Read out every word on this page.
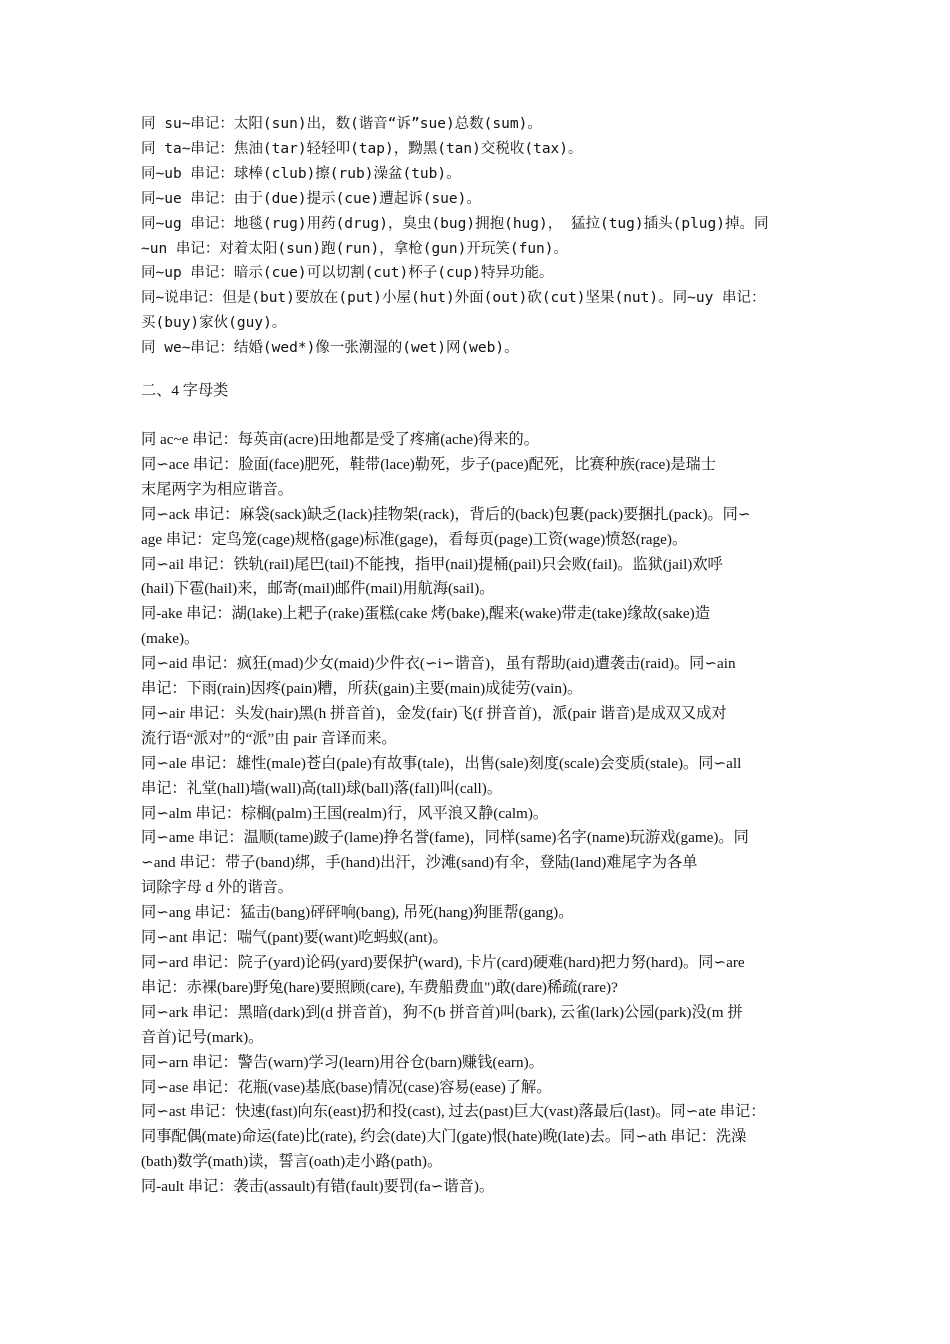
同 su~串记：太阳(sun)出，数(谐音“诉”sue)总数(sum)。
同 ta~串记：焦油(tar)轻轻叩(tap)，黝黑(tan)交税收(tax)。
同~ub 串记：球棒(club)擦(rub)澡盆(tub)。
同~ue 串记：由于(due)提示(cue)遭起诉(sue)。
同~ug 串记：地毯(rug)用药(drug)，臭虫(bug)拥抱(hug)， 猛拉(tug)插头(plug)掉。同
~un 串记：对着太阳(sun)跑(run)，拿枪(gun)开玩笑(fun)。
同~up 串记：暗示(cue)可以切割(cut)杯子(cup)特异功能。
同~说串记：但是(but)要放在(put)小屋(hut)外面(out)砍(cut)坚果(nut)。同~uy 串记：
买(buy)家伙(guy)。
同 we~串记：结婚(wed*)像一张潮湿的(wet)网(web)。
二、4 字母类
同 ac~e 串记：每英亩(acre)田地都是受了疼痛(ache)得来的。
同∽ace 串记：脸面(face)肥死，鞋带(lace)勒死，步子(pace)配死，比赛种族(race)是瑞士
末尾两字为相应谐音。
同∽ack 串记：麻袋(sack)缺乏(lack)挂物架(rack)，背后的(back)包裹(pack)要捆扎(pack)。同∽
age 串记：定鸟笼(cage)规格(gage)标准(gage)，看每页(page)工资(wage)愤怒(rage)。
同∽ail 串记：铁轨(rail)尾巴(tail)不能拽，指甲(nail)提桶(pail)只会败(fail)。监狱(jail)欢呼
(hail)下雹(hail)来，邮寄(mail)邮件(mail)用航海(sail)。
同-ake 串记：湖(lake)上耙子(rake)蛋糕(cake 烤(bake),醒来(wake)带走(take)缘故(sake)造
(make)。
同∽aid 串记：疯狂(mad)少女(maid)少件衣(∽i∽谐音)，虽有帮助(aid)遭袭击(raid)。同∽ain
串记：下雨(rain)因疼(pain)糟，所获(gain)主要(main)成徒劳(vain)。
同∽air 串记：头发(hair)黑(h 拼音首)，金发(fair)飞(f 拼音首)，派(pair 谐音)是成双又成对
流行语“派对”的“派”由 pair 音译而来。
同∽ale 串记：雄性(male)苍白(pale)有故事(tale)，出售(sale)刻度(scale)会变质(stale)。同∽all
串记：礼堂(hall)墙(wall)高(tall)球(ball)落(fall)叫(call)。
同∽alm 串记：棕榈(palm)王国(realm)行，风平浪又静(calm)。
同∽ame 串记：温顺(tame)跛子(lame)挣名誉(fame)，同样(same)名字(name)玩游戏(game)。同
∽and 串记：带子(band)绑，手(hand)出汗，沙滩(sand)有伞，登陆(land)难尾字为各单
词除字母 d 外的谐音。
同∽ang 串记：猛击(bang)砰砰响(bang), 吊死(hang)狗匪帮(gang)。
同∽ant 串记：喘气(pant)要(want)吃蚂蚁(ant)。
同∽ard 串记：院子(yard)论码(yard)要保护(ward), 卡片(card)硬难(hard)把力努(hard)。同∽are
串记：赤裸(bare)野兔(hare)要照顾(care), 车费船费血")敢(dare)稀疏(rare)?
同∽ark 串记：黑暗(dark)到(d 拼音首)，狗不(b 拼音首)叫(bark), 云雀(lark)公园(park)没(m 拼
音首)记号(mark)。
同∽arn 串记：警告(warn)学习(learn)用谷仓(barn)赚钱(earn)。
同∽ase 串记：花瓶(vase)基底(base)情况(case)容易(ease)了解。
同∽ast 串记：快速(fast)向东(east)扔和投(cast), 过去(past)巨大(vast)落最后(last)。同∽ate 串记：
同事配偶(mate)命运(fate)比(rate), 约会(date)大门(gate)恨(hate)晚(late)去。同∽ath 串记：洗澡
(bath)数学(math)读，誓言(oath)走小路(path)。
同-ault 串记：袭击(assault)有错(fault)要罚(fa∽谐音)。
